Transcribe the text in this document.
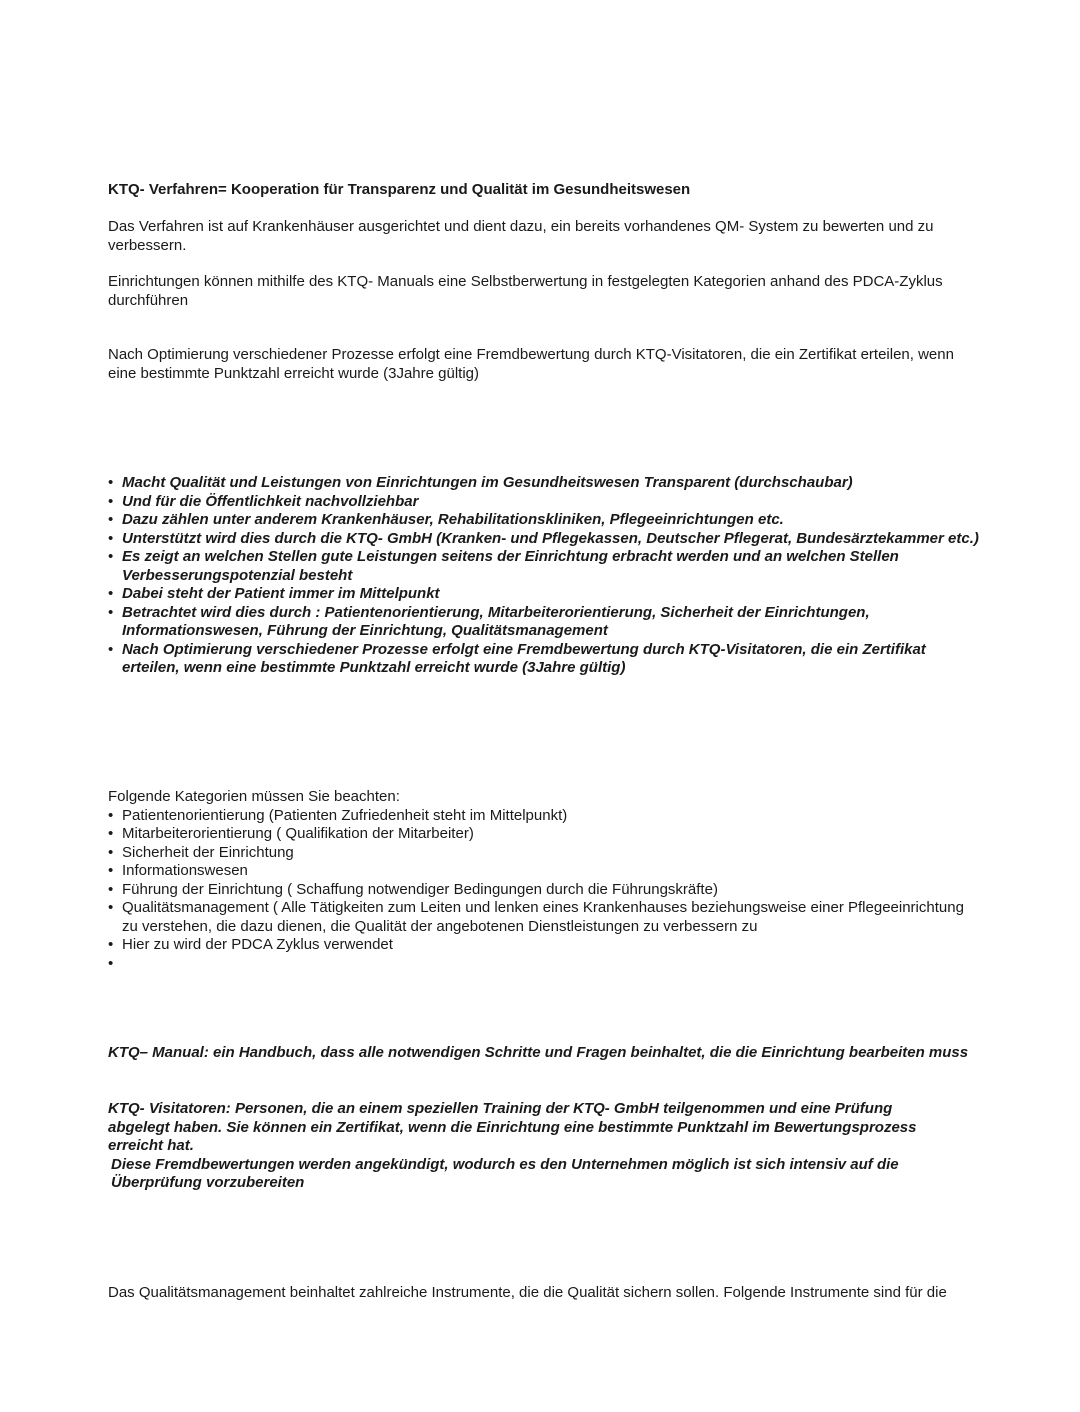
KTQ- Verfahren= Kooperation für Transparenz und Qualität im Gesundheitswesen

Das Verfahren ist auf Krankenhäuser ausgerichtet und dient dazu, ein bereits vorhandenes QM- System zu bewerten und zu verbessern.

Einrichtungen können mithilfe des KTQ- Manuals eine Selbstberwertung in festgelegten Kategorien anhand des PDCA-Zyklus durchführen

Nach Optimierung verschiedener Prozesse erfolgt eine Fremdbewertung durch KTQ-Visitatoren, die ein Zertifikat erteilen, wenn eine bestimmte Punktzahl erreicht wurde (3Jahre gültig)

• Macht Qualität und Leistungen von Einrichtungen im Gesundheitswesen Transparent (durchschaubar)
• Und für die Öffentlichkeit nachvollziehbar
• Dazu zählen unter anderem Krankenhäuser, Rehabilitationskliniken, Pflegeeinrichtungen etc.
• Unterstützt wird dies durch die KTQ- GmbH (Kranken- und Pflegekassen, Deutscher Pflegerat, Bundesärztekammer etc.)
• Es zeigt an welchen Stellen gute Leistungen seitens der Einrichtung erbracht werden und an welchen Stellen Verbesserungspotenzial besteht
• Dabei steht der Patient immer im Mittelpunkt
• Betrachtet wird dies durch : Patientenorientierung, Mitarbeiterorientierung, Sicherheit der Einrichtungen, Informationswesen, Führung der Einrichtung, Qualitätsmanagement
• Nach Optimierung verschiedener Prozesse erfolgt eine Fremdbewertung durch KTQ-Visitatoren, die ein Zertifikat erteilen, wenn eine bestimmte Punktzahl erreicht wurde (3Jahre gültig)

Folgende Kategorien müssen Sie beachten:

• Patientenorientierung (Patienten Zufriedenheit steht im Mittelpunkt)
• Mitarbeiterorientierung ( Qualifikation der Mitarbeiter)
• Sicherheit der Einrichtung
• Informationswesen
• Führung der Einrichtung ( Schaffung notwendiger Bedingungen durch die Führungskräfte)
• Qualitätsmanagement ( Alle Tätigkeiten zum Leiten und lenken eines Krankenhauses beziehungsweise einer Pflegeeinrichtung zu verstehen, die dazu dienen, die Qualität der angebotenen Dienstleistungen zu verbessern zu
• Hier zu wird der PDCA Zyklus verwendet
•

KTQ– Manual: ein Handbuch, dass alle notwendigen Schritte und Fragen beinhaltet, die die Einrichtung bearbeiten muss

KTQ- Visitatoren: Personen, die an einem speziellen Training der KTQ- GmbH teilgenommen und eine Prüfung abgelegt haben. Sie können ein Zertifikat, wenn die Einrichtung eine bestimmte Punktzahl im Bewertungsprozess erreicht hat.

Diese Fremdbewertungen werden angekündigt, wodurch es den Unternehmen möglich ist sich intensiv auf die Überprüfung vorzubereiten

Das Qualitätsmanagement beinhaltet zahlreiche Instrumente, die die Qualität sichern sollen. Folgende Instrumente sind für die
